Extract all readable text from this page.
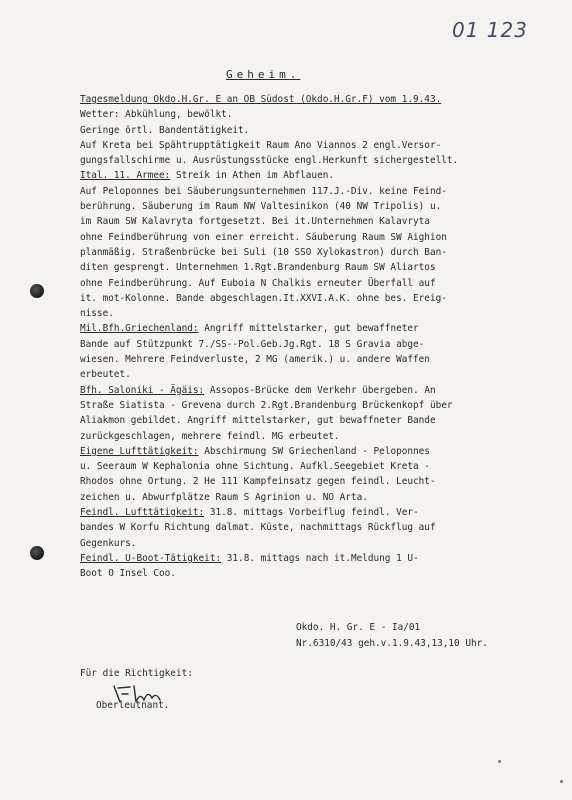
01 123
Geheim.
Tagesmeldung Okdo.H.Gr. E an OB Südost (Okdo.H.Gr.F) vom 1.9.43.
Wetter: Abkühlung, bewölkt.
Geringe örtl. Bandentätigkeit.
Auf Kreta bei Spähtrupptätigkeit Raum Ano Viannos 2 engl.Versor-
gungsfallschirme u. Ausrüstungsstücke engl.Herkunft sichergestellt.
Ital. 11. Armee: Streik in Athen im Abflauen.
Auf Peloponnes bei Säuberungsunternehmen 117.J.-Div. keine Feind-
berührung. Säuberung im Raum NW Valtesinikon (40 NW Tripolis) u.
im Raum SW Kalavryta fortgesetzt. Bei it.Unternehmen Kalavryta
ohne Feindberührung von einer erreicht. Säuberung Raum SW Aighion
planmäßig. Straßenbrücke bei Suli (10 SSO Xylokastron) durch Ban-
diten gesprengt. Unternehmen 1.Rgt.Brandenburg Raum SW Aliartos
ohne Feindberührung. Auf Euboia N Chalkis erneuter Überfall auf
it. mot-Kolonne. Bande abgeschlagen.It.XXVI.A.K. ohne bes. Ereig-
nisse.
Mil.Bfh.Griechenland: Angriff mittelstarker, gut bewaffneter
Bande auf Stützpunkt 7./SS--Pol.Geb.Jg.Rgt. 18 S Gravia abge-
wiesen. Mehrere Feindverluste, 2 MG (amerik.) u. andere Waffen
erbeutet.
Bfh. Saloniki - Ägäis: Assopos-Brücke dem Verkehr übergeben. An
Straße Siatista - Grevena durch 2.Rgt.Brandenburg Brückenkopf über
Aliakmon gebildet. Angriff mittelstarker, gut bewaffneter Bande
zurückgeschlagen, mehrere feindl. MG erbeutet.
Eigene Lufttätigkeit: Abschirmung SW Griechenland - Peloponnes
u. Seeraum W Kephalonia ohne Sichtung. Aufkl.Seegebiet Kreta -
Rhodos ohne Ortung. 2 He 111 Kampfeinsatz gegen feindl. Leucht-
zeichen u. Abwurfplätze Raum S Agrinion u. NO Arta.
Feindl. Lufttätigkeit: 31.8. mittags Vorbeiflug feindl. Ver-
bandes W Korfu Richtung dalmat. Küste, nachmittags Rückflug auf
Gegenkurs.
Feindl. U-Boot-Tätigkeit: 31.8. mittags nach it.Meldung 1 U-
Boot O Insel Coo.
Okdo. H. Gr. E - Ia/01
Nr.6310/43 geh.v.1.9.43,13,10 Uhr.
Für die Richtigkeit:
Oberleutnant.
